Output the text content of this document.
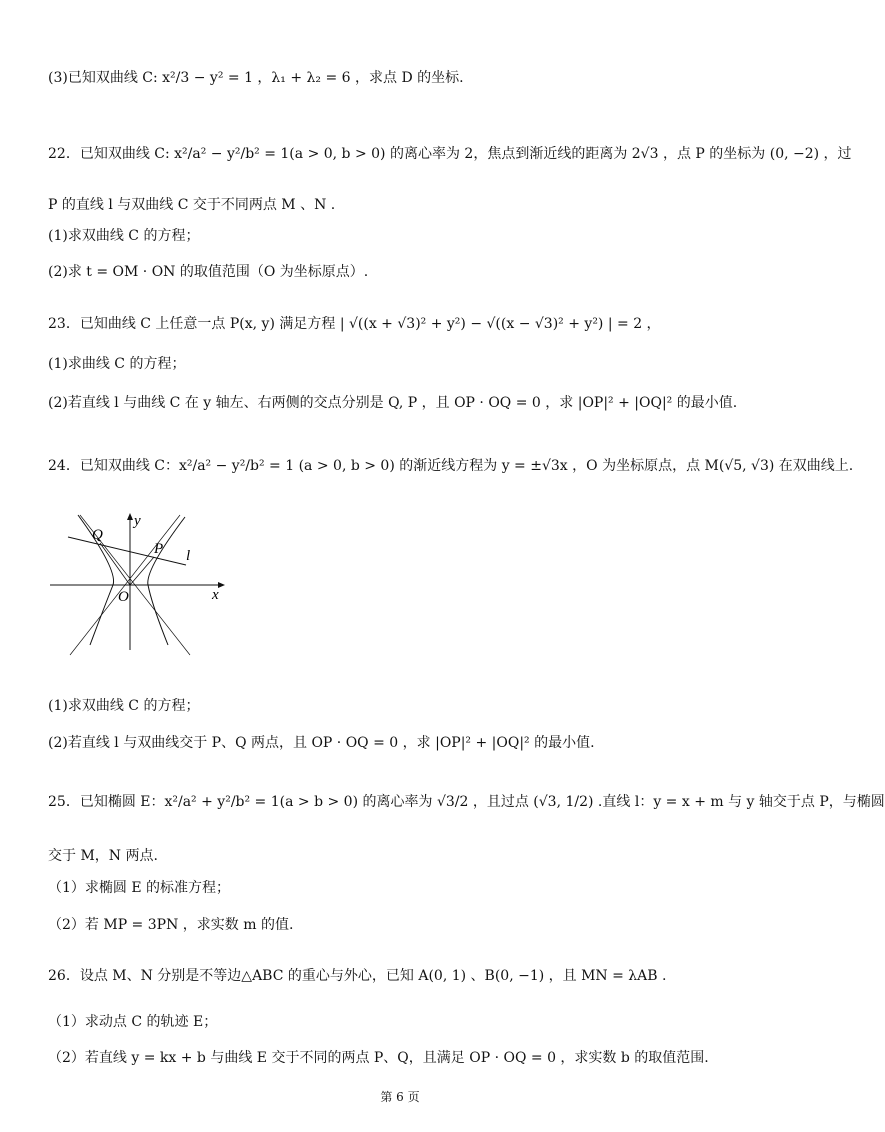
(3)已知双曲线 C: x²/3 − y² = 1 ，λ₁ + λ₂ = 6 ，求点 D 的坐标.
22．已知双曲线 C: x²/a² − y²/b² = 1(a > 0, b > 0) 的离心率为 2，焦点到渐近线的距离为 2√3 ，点 P 的坐标为 (0, −2) ，过
P 的直线 l 与双曲线 C 交于不同两点 M 、N .
(1)求双曲线 C 的方程；
(2)求 t = OM · ON 的取值范围（O 为坐标原点）.
23．已知曲线 C 上任意一点 P(x, y) 满足方程 | √((x + √3)² + y²) − √((x − √3)² + y²) | = 2 ，
(1)求曲线 C 的方程；
(2)若直线 l 与曲线 C 在 y 轴左、右两侧的交点分别是 Q, P ，且 OP · OQ = 0 ，求 |OP|² + |OQ|² 的最小值.
24．已知双曲线 C：x²/a² − y²/b² = 1 (a > 0, b > 0) 的渐近线方程为 y = ±√3x ，O 为坐标原点，点 M(√5, √3) 在双曲线上.
y
x
O
Q
P l
(1)求双曲线 C 的方程；
(2)若直线 l 与双曲线交于 P、Q 两点，且 OP · OQ = 0 ，求 |OP|² + |OQ|² 的最小值.
25．已知椭圆 E：x²/a² + y²/b² = 1(a > b > 0) 的离心率为 √3/2 ，且过点 (√3, 1/2) .直线 l：y = x + m 与 y 轴交于点 P，与椭圆
交于 M，N 两点.
（1）求椭圆 E 的标准方程；
（2）若 MP = 3PN ，求实数 m 的值.
26．设点 M、N 分别是不等边△ABC 的重心与外心，已知 A(0, 1) 、B(0, −1) ，且 MN = λAB .
（1）求动点 C 的轨迹 E；
（2）若直线 y = kx + b 与曲线 E 交于不同的两点 P、Q，且满足 OP · OQ = 0 ，求实数 b 的取值范围.
第 6 页
